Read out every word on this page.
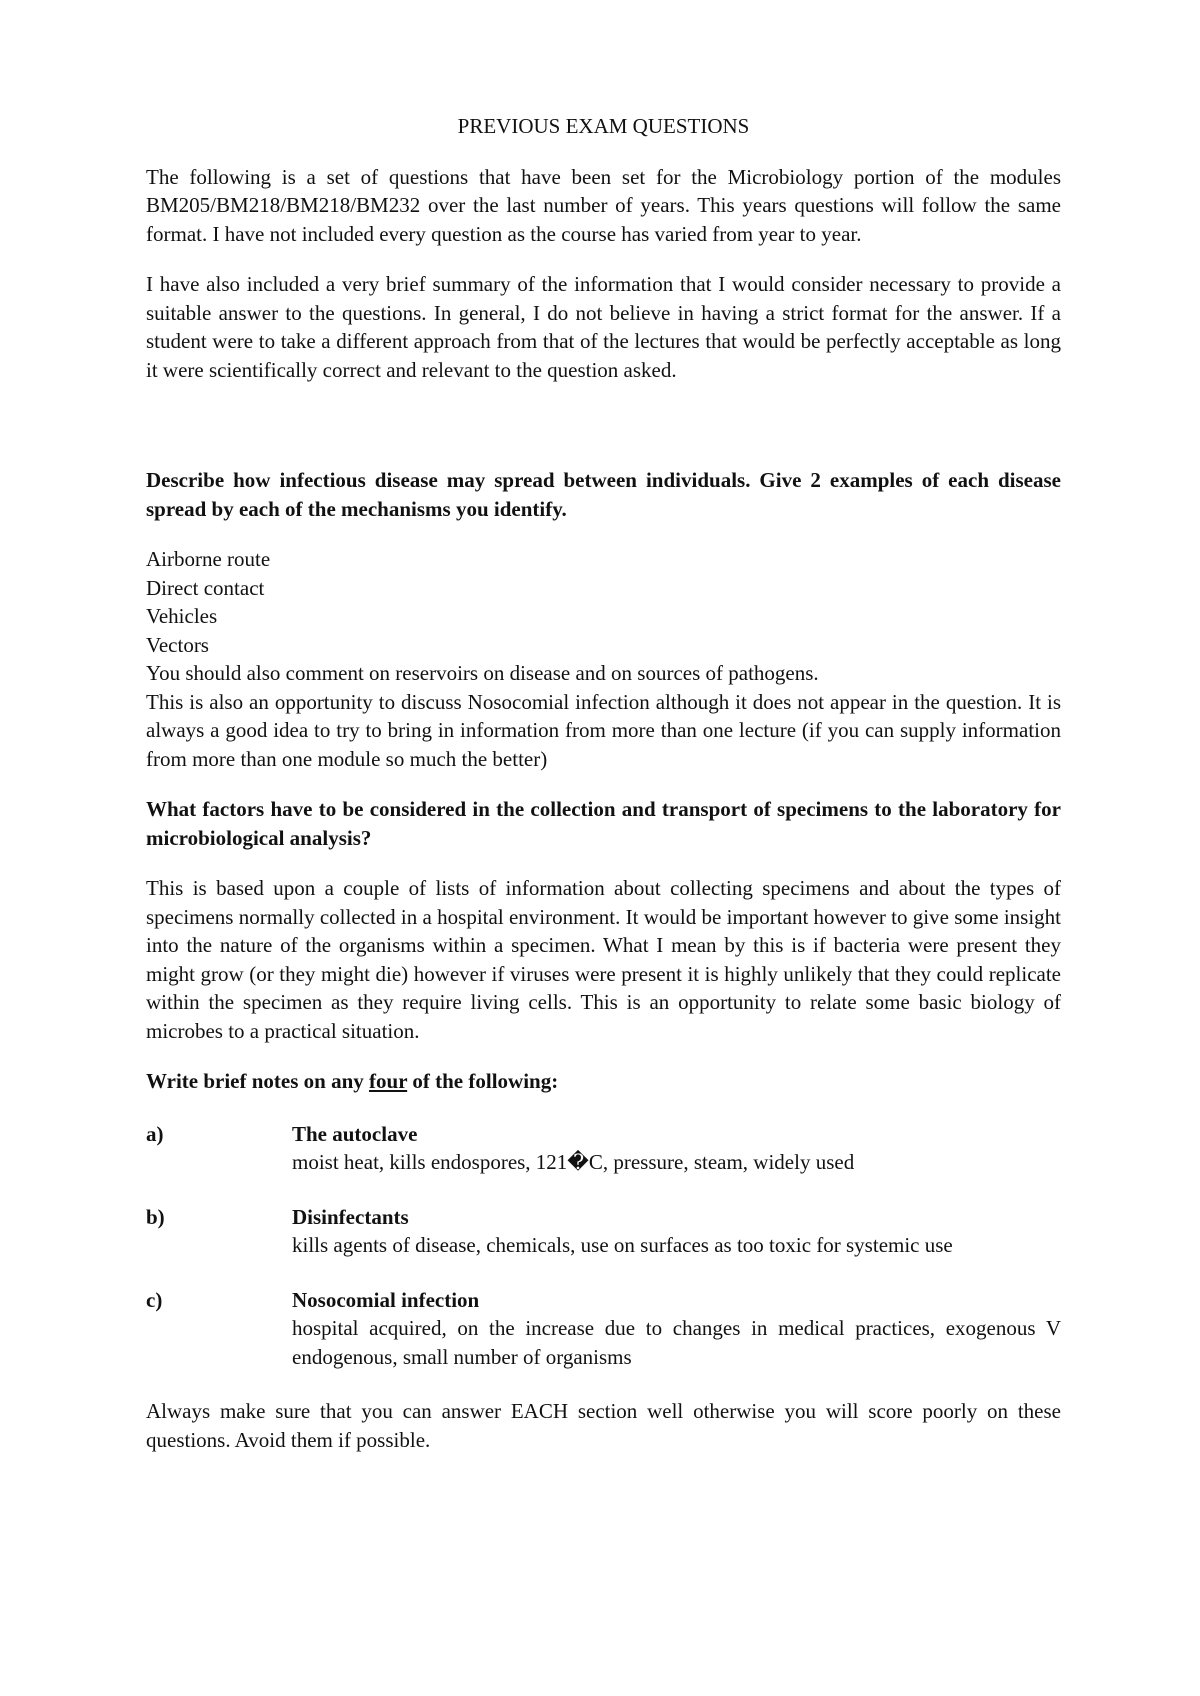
PREVIOUS EXAM QUESTIONS

The following is a set of questions that have been set for the Microbiology portion of the modules BM205/BM218/BM218/BM232 over the last number of years. This years questions will follow the same format. I have not included every question as the course has varied from year to year.

I have also included a very brief summary of the information that I would consider necessary to provide a suitable answer to the questions. In general, I do not believe in having a strict format for the answer. If a student were to take a different approach from that of the lectures that would be perfectly acceptable as long it were scientifically correct and relevant to the question asked.

Describe how infectious disease may spread between individuals. Give 2 examples of each disease spread by each of the mechanisms you identify.

Airborne route
Direct contact
Vehicles
Vectors
You should also comment on reservoirs on disease and on sources of pathogens.
This is also an opportunity to discuss Nosocomial infection although it does not appear in the question. It is always a good idea to try to bring in information from more than one lecture (if you can supply information from more than one module so much the better)

What factors have to be considered in the collection and transport of specimens to the laboratory for microbiological analysis?

This is based upon a couple of lists of information about collecting specimens and about the types of specimens normally collected in a hospital environment. It would be important however to give some insight into the nature of the organisms within a specimen. What I mean by this is if bacteria were present they might grow (or they might die) however if viruses were present it is highly unlikely that they could replicate within the specimen as they require living cells. This is an opportunity to relate some basic biology of microbes to a practical situation.

Write brief notes on any four of the following:

a)	The autoclave
moist heat, kills endospores, 121�C, pressure, steam, widely used
b)	Disinfectants
kills agents of disease, chemicals, use on surfaces as too toxic for systemic use
c)	Nosocomial infection
hospital acquired, on the increase due to changes in medical practices, exogenous V endogenous, small number of organisms

Always make sure that you can answer EACH section well otherwise you will score poorly on these questions. Avoid them if possible.
